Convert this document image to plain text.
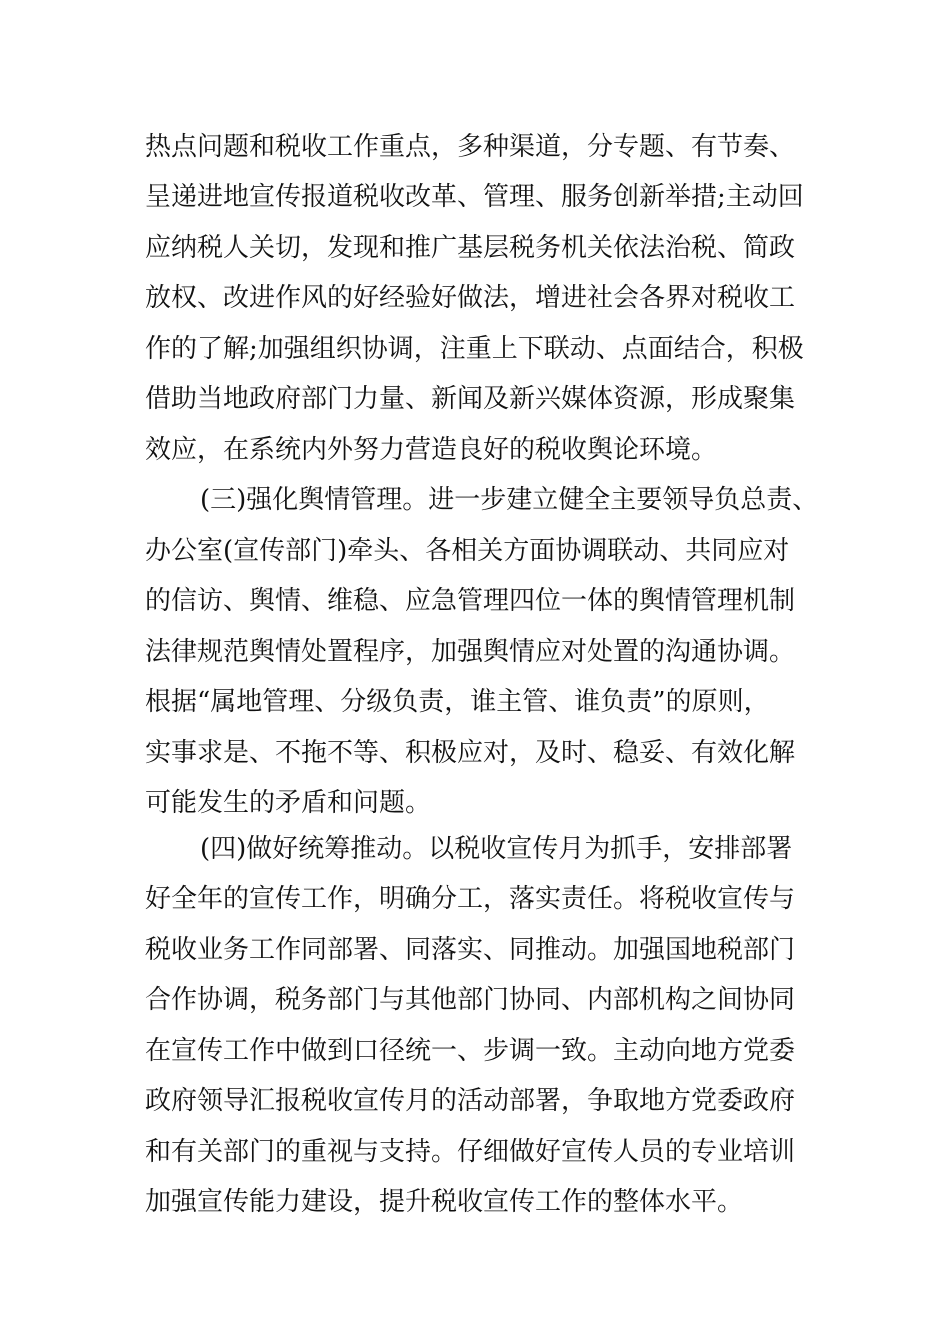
热点问题和税收工作重点，多种渠道，分专题、有节奏、
呈递进地宣传报道税收改革、管理、服务创新举措;主动回
应纳税人关切，发现和推广基层税务机关依法治税、简政
放权、改进作风的好经验好做法，增进社会各界对税收工
作的了解;加强组织协调，注重上下联动、点面结合，积极
借助当地政府部门力量、新闻及新兴媒体资源，形成聚集
效应，在系统内外努力营造良好的税收舆论环境。
(三)强化舆情管理。进一步建立健全主要领导负总责、
办公室(宣传部门)牵头、各相关方面协调联动、共同应对
的信访、舆情、维稳、应急管理四位一体的舆情管理机制
法律规范舆情处置程序，加强舆情应对处置的沟通协调。
根据“属地管理、分级负责，谁主管、谁负责”的原则，
实事求是、不拖不等、积极应对，及时、稳妥、有效化解
可能发生的矛盾和问题。
(四)做好统筹推动。以税收宣传月为抓手，安排部署
好全年的宣传工作，明确分工，落实责任。将税收宣传与
税收业务工作同部署、同落实、同推动。加强国地税部门
合作协调，税务部门与其他部门协同、内部机构之间协同
在宣传工作中做到口径统一、步调一致。主动向地方党委
政府领导汇报税收宣传月的活动部署，争取地方党委政府
和有关部门的重视与支持。仔细做好宣传人员的专业培训
加强宣传能力建设，提升税收宣传工作的整体水平。
